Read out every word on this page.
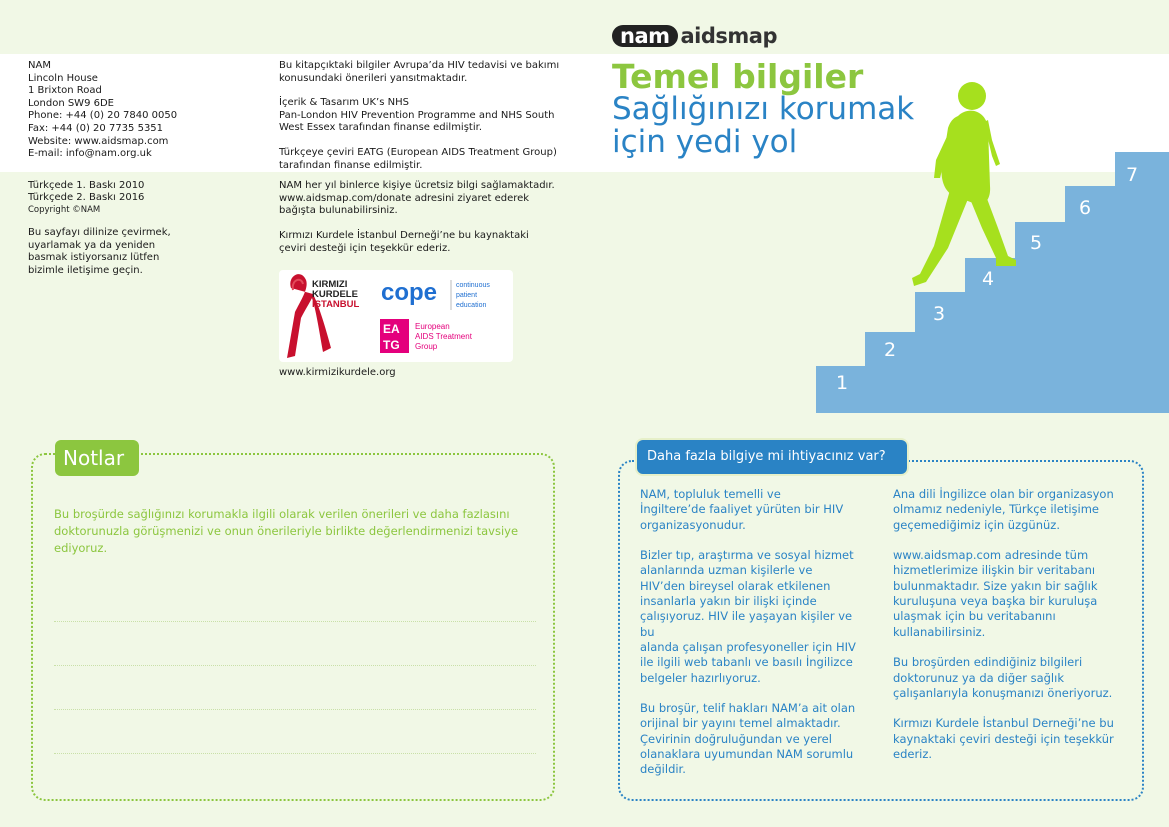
NAM
Lincoln House
1 Brixton Road
London SW9 6DE
Phone: +44 (0) 20 7840 0050
Fax: +44 (0) 20 7735 5351
Website: www.aidsmap.com
E-mail: info@nam.org.uk
Türkçede 1. Baskı 2010
Türkçede 2. Baskı 2016
Copyright ©NAM
Bu sayfayı dilinize çevirmek,
uyarlamak ya da yeniden
basmak istiyorsanız lütfen
bizimle iletişime geçin.
Bu kitapçıktaki bilgiler Avrupa’da HIV tedavisi ve bakımı
konusundaki önerileri yansıtmaktadır.
İçerik & Tasarım UK’s NHS
Pan-London HIV Prevention Programme and NHS South
West Essex tarafından finanse edilmiştir.
Türkçeye çeviri EATG (European AIDS Treatment Group)
tarafından finanse edilmiştir.
NAM her yıl binlerce kişiye ücretsiz bilgi sağlamaktadır.
www.aidsmap.com/donate adresini ziyaret ederek
bağışta bulunabilirsiniz.
Kırmızı Kurdele İstanbul Derneği’ne bu kaynaktaki
çeviri desteği için teşekkür ederiz.
KIRMIZI
KURDELE
İSTANBUL cope	continuous
patient
education
EA
TG
European
AIDS Treatment
Group
www.kirmizikurdele.org
nam aidsmap
Temel bilgiler
Sağlığınızı korumak
için yedi yol
1
2
3
4
5
6
7
Notlar
Bu broşürde sağlığınızı korumakla ilgili olarak verilen önerileri ve daha fazlasını doktorunuzla görüşmenizi ve onun önerileriyle birlikte değerlendirmenizi tavsiye ediyoruz.
Daha fazla bilgiye mi ihtiyacınız var?

NAM, topluluk temelli ve
İngiltere’de faaliyet yürüten bir HIV
organizasyonudur.

Bizler tıp, araştırma ve sosyal hizmet
alanlarında uzman kişilerle ve
HIV’den bireysel olarak etkilenen
insanlarla yakın bir ilişki içinde
çalışıyoruz. HIV ile yaşayan kişiler ve bu
alanda çalışan profesyoneller için HIV
ile ilgili web tabanlı ve basılı İngilizce
belgeler hazırlıyoruz.

Bu broşür, telif hakları NAM’a ait olan
orijinal bir yayını temel almaktadır.
Çevirinin doğruluğundan ve yerel
olanaklara uyumundan NAM sorumlu
değildir.

Ana dili İngilizce olan bir organizasyon
olmamız nedeniyle, Türkçe iletişime
geçemediğimiz için üzgünüz.

www.aidsmap.com adresinde tüm
hizmetlerimize ilişkin bir veritabanı
bulunmaktadır. Size yakın bir sağlık
kuruluşuna veya başka bir kuruluşa
ulaşmak için bu veritabanını
kullanabilirsiniz.

Bu broşürden edindiğiniz bilgileri
doktorunuz ya da diğer sağlık
çalışanlarıyla konuşmanızı öneriyoruz.

Kırmızı Kurdele İstanbul Derneği’ne bu
kaynaktaki çeviri desteği için teşekkür
ederiz.
